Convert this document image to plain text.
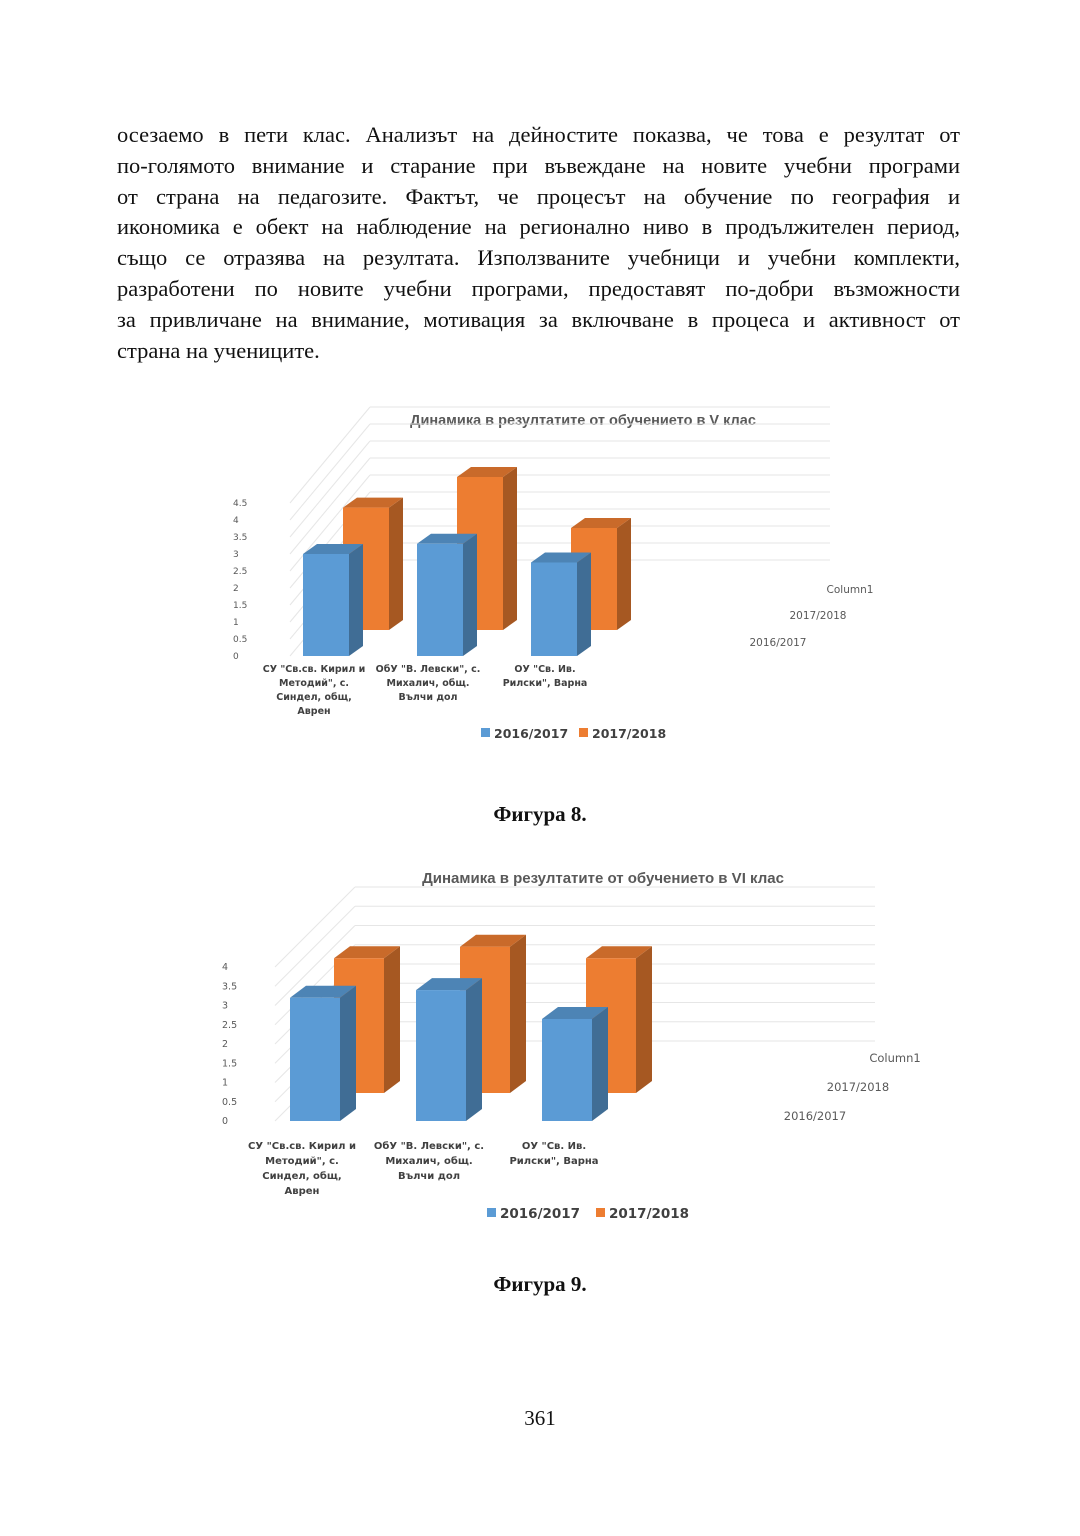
осезаемо в пети клас. Анализът на дейностите показва, че това е резултат от
по-голямото внимание и старание при въвеждане на новите учебни програми
от страна на педагозите. Фактът, че процесът на обучение по география и
икономика е обект на наблюдение на регионално ниво в продължителен период,
също се отразява на резултата. Използваните учебници и учебни комплекти,
разработени по новите учебни програми, предоставят по-добри възможности
за привличане на внимание, мотивация за включване в процеса и активност от
страна на учениците.
Динамика в резултатите от обучението в V клас
0
0.5
1
1.5
2
2.5
3
3.5
4
4.5
СУ "Св.св. Кирил и Методий", с. Синдел, общ, Аврен
ОбУ "В. Левски", с. Михалич, общ. Вълчи дол
ОУ "Св. Ив. Рилски", Варна
Column1
2017/2018
2016/2017
2016/2017 2017/2018
Фигура 8.
Динамика в резултатите от обучението в VI клас
0
0.5
1
1.5
2
2.5
3
3.5
4
СУ "Св.св. Кирил и Методий", с. Синдел, общ, Аврен
ОбУ "В. Левски", с. Михалич, общ. Вълчи дол
ОУ "Св. Ив. Рилски", Варна
Column1
2017/2018
2016/2017
2016/2017 2017/2018
Фигура 9.
361
